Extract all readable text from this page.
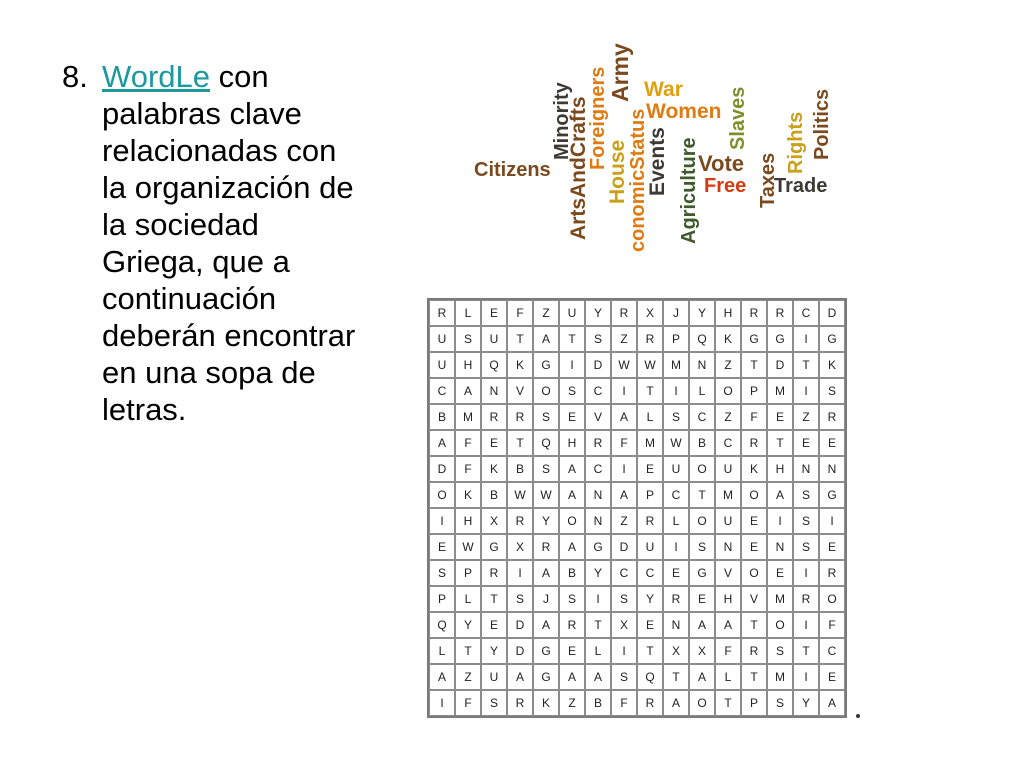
8. WordLe con palabras clave relacionadas con la organización de la sociedad Griega, que a continuación deberán encontrar en una sopa de letras.
Minority
ArtsAndCrafts
Foreigners
House
Army
conomicStatus
Events
War
Women Slaves
Agriculture
Vote
Free Taxes
Rights Politics
Trade
Citizens
R	L	E	F	Z	U	Y	R	X	J	Y	H	R	R	C	D
U	S	U	T	A	T	S	Z	R	P	Q	K	G	G	I	G
U	H	Q	K	G	I	D	W	W	M	N	Z	T	D	T	K
C	A	N	V	O	S	C	I	T	I	L	O	P	M	I	S
B	M	R	R	S	E	V	A	L	S	C	Z	F	E	Z	R
A	F	E	T	Q	H	R	F	M	W	B	C	R	T	E	E
D	F	K	B	S	A	C	I	E	U	O	U	K	H	N	N
O	K	B	W	W	A	N	A	P	C	T	M	O	A	S	G
I	H	X	R	Y	O	N	Z	R	L	O	U	E	I	S	I
E	W	G	X	R	A	G	D	U	I	S	N	E	N	S	E
S	P	R	I	A	B	Y	C	C	E	G	V	O	E	I	R
P	L	T	S	J	S	I	S	Y	R	E	H	V	M	R	O
Q	Y	E	D	A	R	T	X	E	N	A	A	T	O	I	F
L	T	Y	D	G	E	L	I	T	X	X	F	R	S	T	C
A	Z	U	A	G	A	A	S	Q	T	A	L	T	M	I	E
I	F	S	R	K	Z	B	F	R	A	O	T	P	S	Y	A
